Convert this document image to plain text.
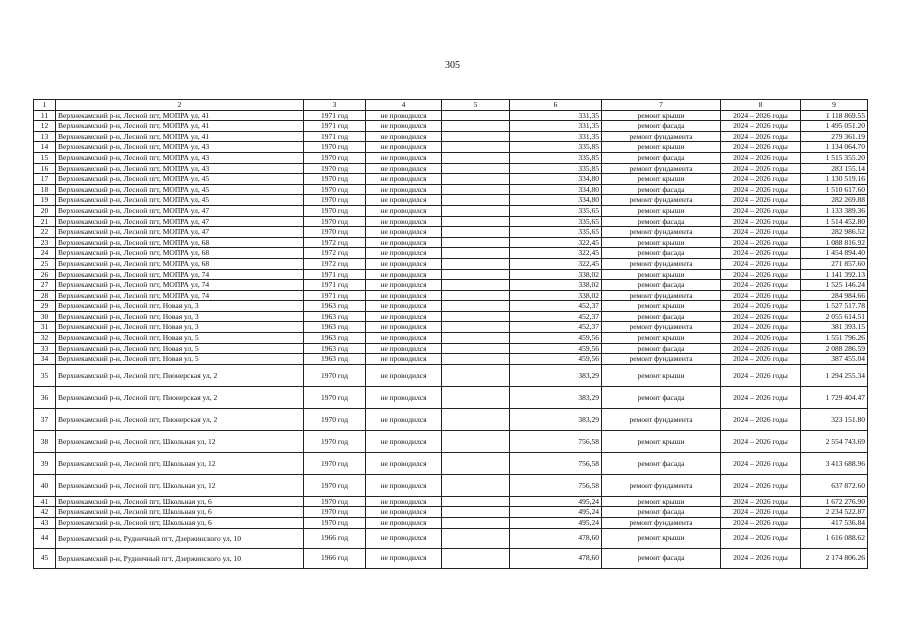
305
1	2	3	4	5	6	7	8	9
11	Верхнекамский р-н, Лесной пгт, МОПРА ул, 41	1971 год	не проводился		331,35	ремонт крыши	2024 – 2026 годы	1 118 869.55
12	Верхнекамский р-н, Лесной пгт, МОПРА ул, 41	1971 год	не проводился		331,35	ремонт фасада	2024 – 2026 годы	1 495 051.20
13	Верхнекамский р-н, Лесной пгт, МОПРА ул, 41	1971 год	не проводился		331,35	ремонт фундамента	2024 – 2026 годы	279 361.19
14	Верхнекамский р-н, Лесной пгт, МОПРА ул, 43	1970 год	не проводился		335,85	ремонт крыши	2024 – 2026 годы	1 134 064.70
15	Верхнекамский р-н, Лесной пгт, МОПРА ул, 43	1970 год	не проводился		335,85	ремонт фасада	2024 – 2026 годы	1 515 355.20
16	Верхнекамский р-н, Лесной пгт, МОПРА ул, 43	1970 год	не проводился		335,85	ремонт фундамента	2024 – 2026 годы	283 155.14
17	Верхнекамский р-н, Лесной пгт, МОПРА ул, 45	1970 год	не проводился		334,80	ремонт крыши	2024 – 2026 годы	1 130 519.16
18	Верхнекамский р-н, Лесной пгт, МОПРА ул, 45	1970 год	не проводился		334,80	ремонт фасада	2024 – 2026 годы	1 510 617.60
19	Верхнекамский р-н, Лесной пгт, МОПРА ул, 45	1970 год	не проводился		334,80	ремонт фундамента	2024 – 2026 годы	282 269.88
20	Верхнекамский р-н, Лесной пгт, МОПРА ул, 47	1970 год	не проводился		335,65	ремонт крыши	2024 – 2026 годы	1 133 389.36
21	Верхнекамский р-н, Лесной пгт, МОПРА ул, 47	1970 год	не проводился		335,65	ремонт фасада	2024 – 2026 годы	1 514 452.80
22	Верхнекамский р-н, Лесной пгт, МОПРА ул, 47	1970 год	не проводился		335,65	ремонт фундамента	2024 – 2026 годы	282 986.52
23	Верхнекамский р-н, Лесной пгт, МОПРА ул, 68	1972 год	не проводился		322,45	ремонт крыши	2024 – 2026 годы	1 088 816.92
24	Верхнекамский р-н, Лесной пгт, МОПРА ул, 68	1972 год	не проводился		322,45	ремонт фасада	2024 – 2026 годы	1 454 894.40
25	Верхнекамский р-н, Лесной пгт, МОПРА ул, 68	1972 год	не проводился		322,45	ремонт фундамента	2024 – 2026 годы	271 857.60
26	Верхнекамский р-н, Лесной пгт, МОПРА ул, 74	1971 год	не проводился		338,02	ремонт крыши	2024 – 2026 годы	1 141 392.13
27	Верхнекамский р-н, Лесной пгт, МОПРА ул, 74	1971 год	не проводился		338,02	ремонт фасада	2024 – 2026 годы	1 525 146.24
28	Верхнекамский р-н, Лесной пгт, МОПРА ул, 74	1971 год	не проводился		338,02	ремонт фундамента	2024 – 2026 годы	284 984.66
29	Верхнекамский р-н, Лесной пгт, Новая ул, 3	1963 год	не проводился		452,37	ремонт крыши	2024 – 2026 годы	1 527 517.78
30	Верхнекамский р-н, Лесной пгт, Новая ул, 3	1963 год	не проводился		452,37	ремонт фасада	2024 – 2026 годы	2 055 614.51
31	Верхнекамский р-н, Лесной пгт, Новая ул, 3	1963 год	не проводился		452,37	ремонт фундамента	2024 – 2026 годы	381 393.15
32	Верхнекамский р-н, Лесной пгт, Новая ул, 5	1963 год	не проводился		459,56	ремонт крыши	2024 – 2026 годы	1 551 796.26
33	Верхнекамский р-н, Лесной пгт, Новая ул, 5	1963 год	не проводился		459,56	ремонт фасада	2024 – 2026 годы	2 088 286.59
34	Верхнекамский р-н, Лесной пгт, Новая ул, 5	1963 год	не проводился		459,56	ремонт фундамента	2024 – 2026 годы	387 455.04
35	Верхнекамский р-н, Лесной пгт, Пионерская ул, 2	1970 год	не проводился		383,29	ремонт крыши	2024 – 2026 годы	1 294 255.34
36	Верхнекамский р-н, Лесной пгт, Пионерская ул, 2	1970 год	не проводился		383,29	ремонт фасада	2024 – 2026 годы	1 729 404.47
37	Верхнекамский р-н, Лесной пгт, Пионерская ул, 2	1970 год	не проводился		383,29	ремонт фундамента	2024 – 2026 годы	323 151.80
38	Верхнекамский р-н, Лесной пгт, Школьная ул, 12	1970 год	не проводился		756,58	ремонт крыши	2024 – 2026 годы	2 554 743.69
39	Верхнекамский р-н, Лесной пгт, Школьная ул, 12	1970 год	не проводился		756,58	ремонт фасада	2024 – 2026 годы	3 413 688.96
40	Верхнекамский р-н, Лесной пгт, Школьная ул, 12	1970 год	не проводился		756,58	ремонт фундамента	2024 – 2026 годы	637 872.60
41	Верхнекамский р-н, Лесной пгт, Школьная ул, 6	1970 год	не проводился		495,24	ремонт крыши	2024 – 2026 годы	1 672 276.90
42	Верхнекамский р-н, Лесной пгт, Школьная ул, 6	1970 год	не проводился		495,24	ремонт фасада	2024 – 2026 годы	2 234 522.87
43	Верхнекамский р-н, Лесной пгт, Школьная ул, 6	1970 год	не проводился		495,24	ремонт фундамента	2024 – 2026 годы	417 536.84
44	Верхнекамский р-н, Рудничный пгт, Дзержинского ул, 10	1966 год	не проводился		478,60	ремонт крыши	2024 – 2026 годы	1 616 088.62
45	Верхнекамский р-н, Рудничный пгт, Дзержинского ул, 10	1966 год	не проводился		478,60	ремонт фасада	2024 – 2026 годы	2 174 806.26
